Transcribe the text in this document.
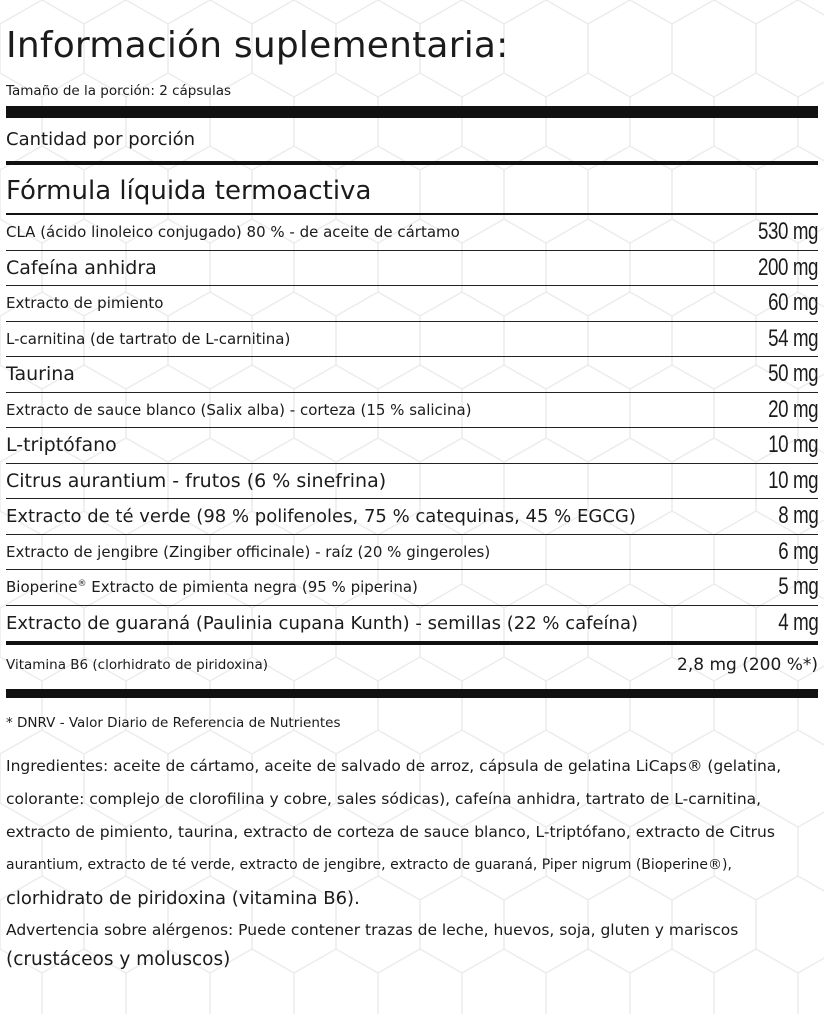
Información suplementaria:
Tamaño de la porción: 2 cápsulas
Cantidad por porción
Fórmula líquida termoactiva
CLA (ácido linoleico conjugado) 80 % - de aceite de cártamo	530 mg
Cafeína anhidra	200 mg
Extracto de pimiento	60 mg
L-carnitina (de tartrato de L-carnitina)	54 mg
Taurina	50 mg
Extracto de sauce blanco (Salix alba) - corteza (15 % salicina)	20 mg
L-triptófano	10 mg
Citrus aurantium - frutos (6 % sinefrina)	10 mg
Extracto de té verde (98 % polifenoles, 75 % catequinas, 45 % EGCG)	8 mg
Extracto de jengibre (Zingiber officinale) - raíz (20 % gingeroles)	6 mg
Bioperine® Extracto de pimienta negra (95 % piperina)	5 mg
Extracto de guaraná (Paulinia cupana Kunth) - semillas (22 % cafeína)	4 mg
Vitamina B6 (clorhidrato de piridoxina)	2,8 mg (200 %*)
* DNRV - Valor Diario de Referencia de Nutrientes
Ingredientes: aceite de cártamo, aceite de salvado de arroz, cápsula de gelatina LiCaps® (gelatina,
colorante: complejo de clorofilina y cobre, sales sódicas), cafeína anhidra, tartrato de L-carnitina,
extracto de pimiento, taurina, extracto de corteza de sauce blanco, L-triptófano, extracto de Citrus
aurantium, extracto de té verde, extracto de jengibre, extracto de guaraná, Piper nigrum (Bioperine®),
clorhidrato de piridoxina (vitamina B6).
Advertencia sobre alérgenos: Puede contener trazas de leche, huevos, soja, gluten y mariscos
(crustáceos y moluscos)
